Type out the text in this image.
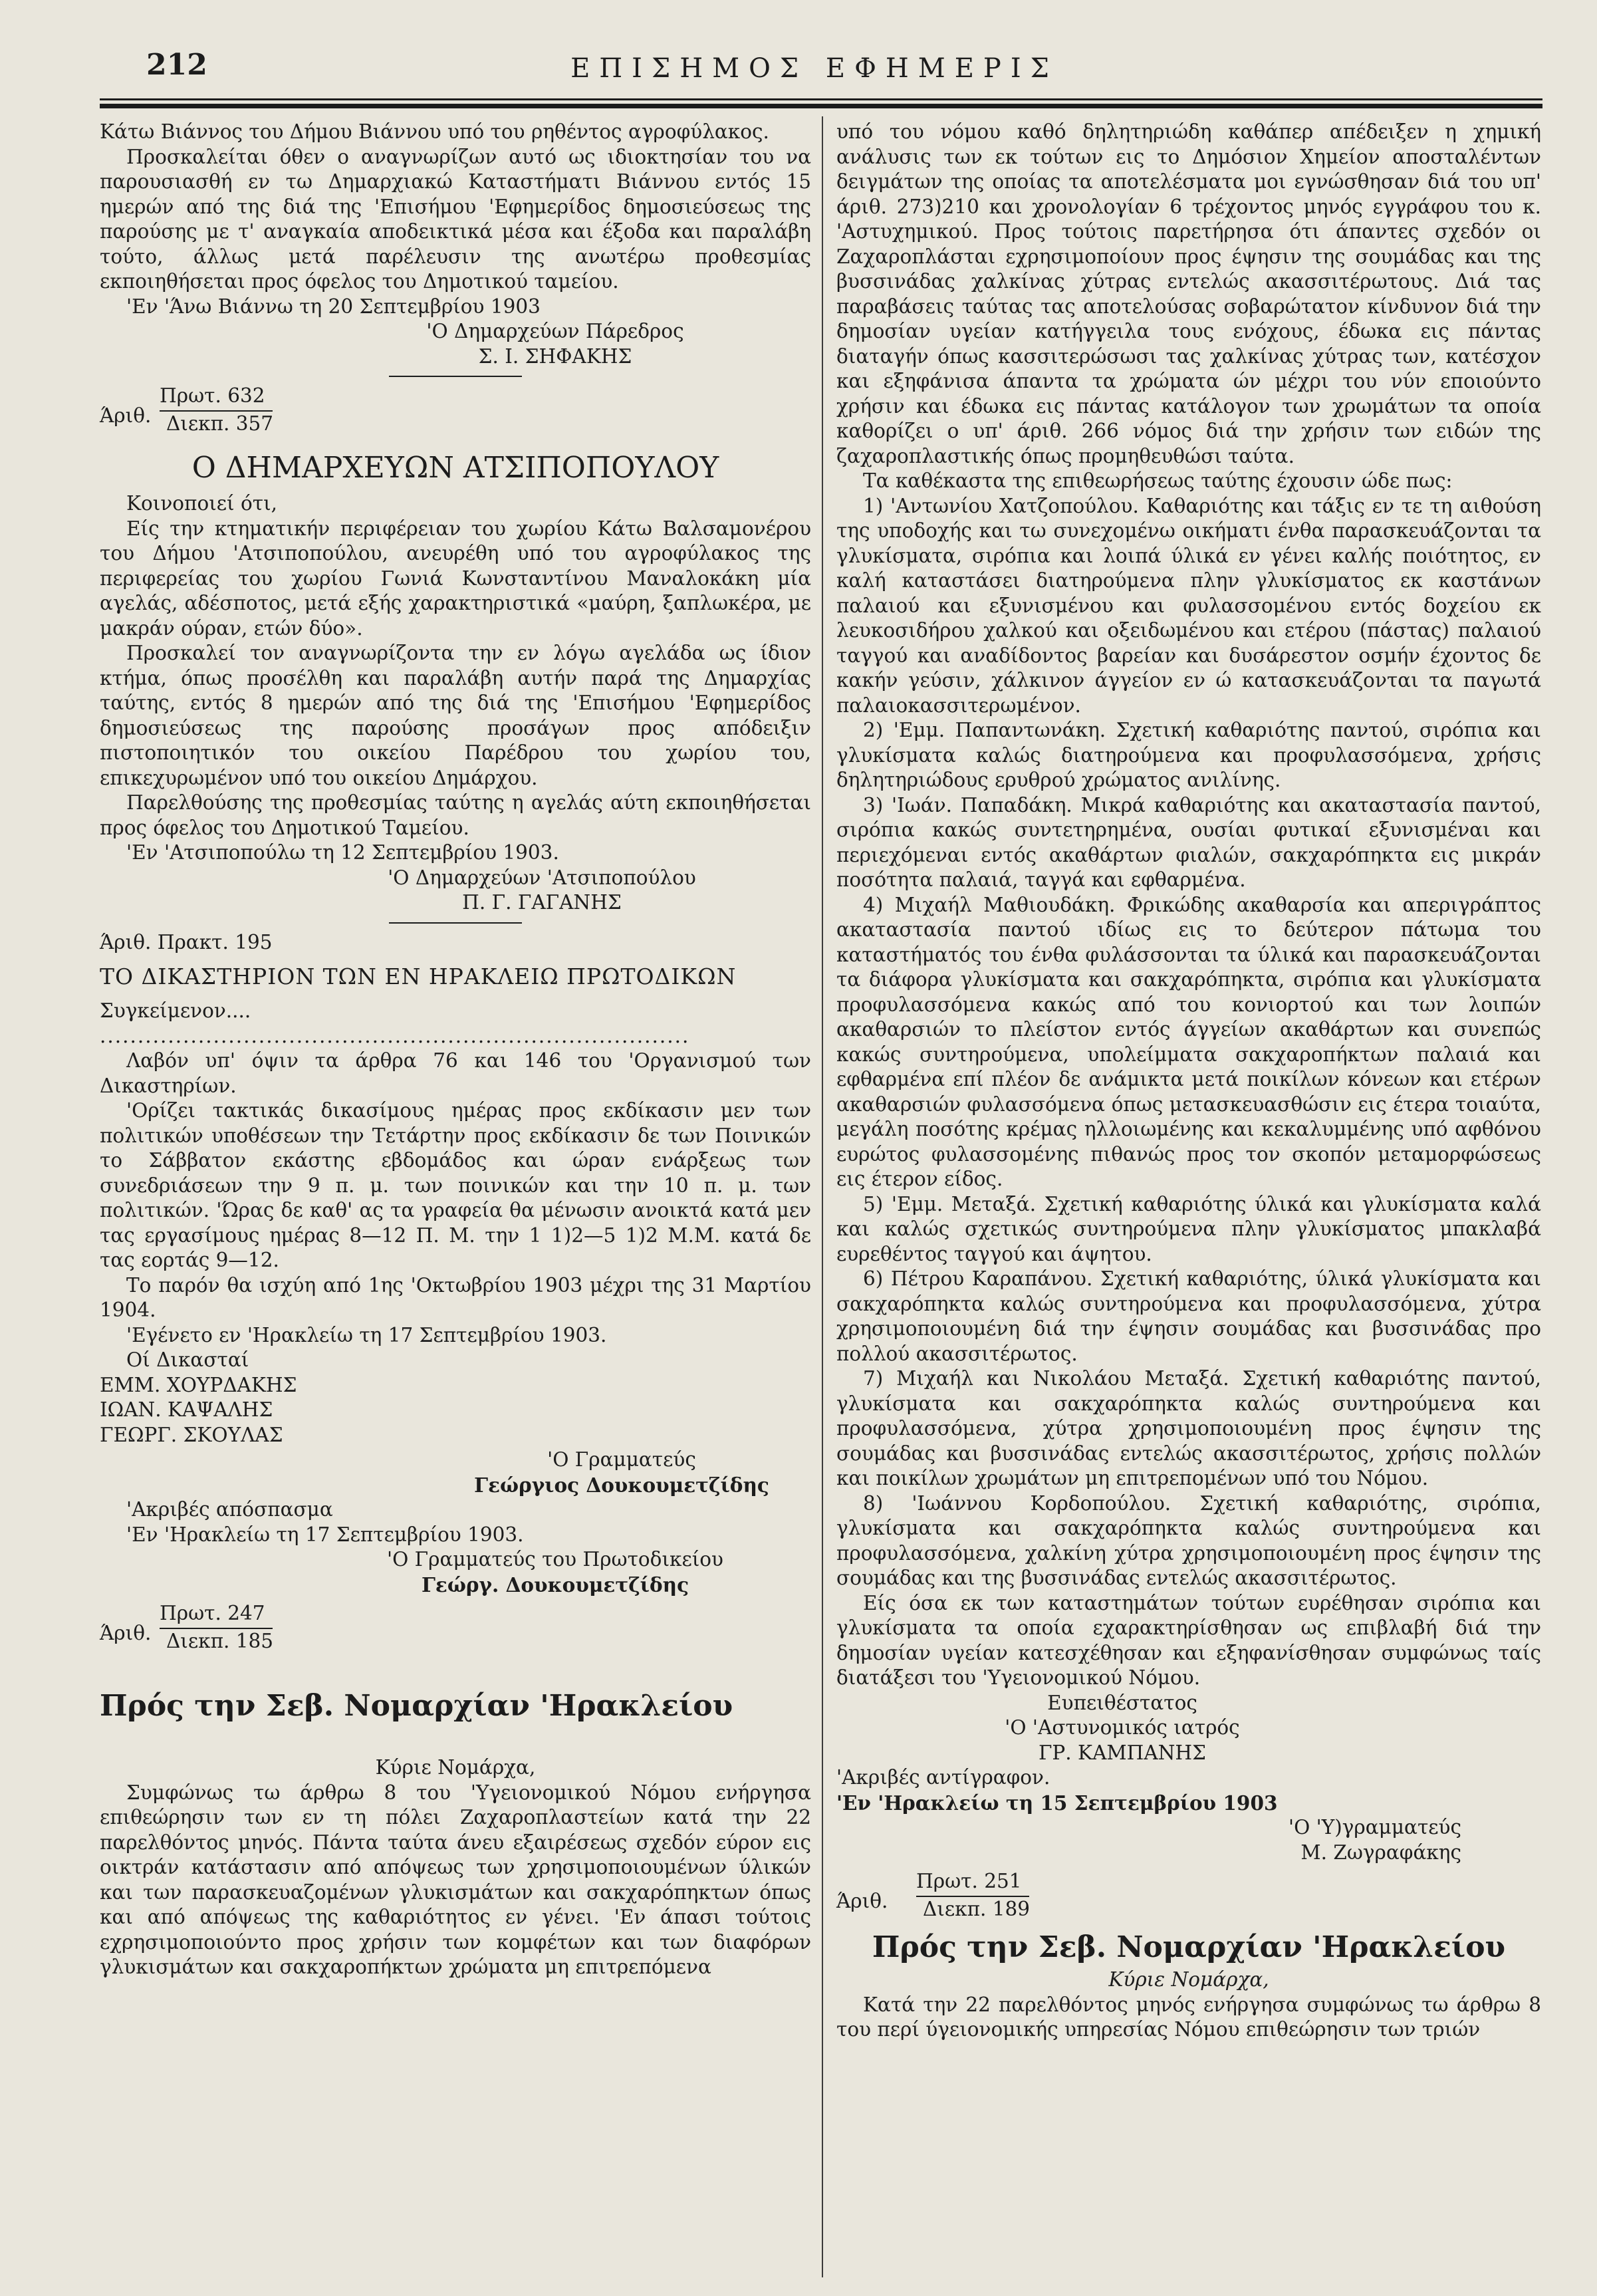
212	ΕΠΙΣΗΜΟΣ ΕΦΗΜΕΡΙΣ

Κάτω Βιάννος του Δήμου Βιάννου υπό του ρηθέντος αγροφύλακος.

Προσκαλείται όθεν ο αναγνωρίζων αυτό ως ιδιοκτησίαν του να παρουσιασθή εν τω Δημαρχιακώ Καταστήματι Βιάννου εντός 15 ημερών από της διά της 'Επισήμου 'Εφημερίδος δημοσιεύσεως της παρούσης με τ' αναγκαία αποδεικτικά μέσα και έξοδα και παραλάβη τούτο, άλλως μετά παρέλευσιν της ανωτέρω προθεσμίας εκποιηθήσεται προς όφελος του Δημοτικού ταμείου.

'Εν 'Άνω Βιάννω τη 20 Σεπτεμβρίου 1903

'Ο Δημαρχεύων Πάρεδρος

Σ. Ι. ΣΗΦΑΚΗΣ

Άριθ.
Πρωτ. 632
Διεκπ. 357

Ο ΔΗΜΑΡΧΕΥΩΝ ΑΤΣΙΠΟΠΟΥΛΟΥ

Κοινοποιεί ότι,

Είς την κτηματικήν περιφέρειαν του χωρίου Κάτω Βαλσαμονέρου του Δήμου 'Ατσιποπούλου, ανευρέθη υπό του αγροφύλακος της περιφερείας του χωρίου Γωνιά Κωνσταντίνου Μαναλοκάκη μία αγελάς, αδέσποτος, μετά εξής χαρακτηριστικά «μαύρη, ξαπλωκέρα, με μακράν ούραν, ετών δύο».

Προσκαλεί τον αναγνωρίζοντα την εν λόγω αγελάδα ως ίδιον κτήμα, όπως προσέλθη και παραλάβη αυτήν παρά της Δημαρχίας ταύτης, εντός 8 ημερών από της διά της 'Επισήμου 'Εφημερίδος δημοσιεύσεως της παρούσης προσάγων προς απόδειξιν πιστοποιητικόν του οικείου Παρέδρου του χωρίου του, επικεχυρωμένον υπό του οικείου Δημάρχου.

Παρελθούσης της προθεσμίας ταύτης η αγελάς αύτη εκποιηθήσεται προς όφελος του Δημοτικού Ταμείου.

'Εν 'Ατσιποπούλω τη 12 Σεπτεμβρίου 1903.

'Ο Δημαρχεύων 'Ατσιποπούλου

Π. Γ. ΓΑΓΑΝΗΣ

Άριθ. Πρακτ. 195

ΤΟ ΔΙΚΑΣΤΗΡΙΟΝ ΤΩΝ ΕΝ ΗΡΑΚΛΕΙΩ ΠΡΩΤΟΔΙΚΩΝ

Συγκείμενον....

..............................................................................

Λαβόν υπ' όψιν τα άρθρα 76 και 146 του 'Οργανισμού των Δικαστηρίων.

'Ορίζει τακτικάς δικασίμους ημέρας προς εκδίκασιν μεν των πολιτικών υποθέσεων την Τετάρτην προς εκδίκασιν δε των Ποινικών το Σάββατον εκάστης εβδομάδος και ώραν ενάρξεως των συνεδριάσεων την 9 π. μ. των ποινικών και την 10 π. μ. των πολιτικών. 'Ώρας δε καθ' ας τα γραφεία θα μένωσιν ανοικτά κατά μεν τας εργασίμους ημέρας 8—12 Π. Μ. την 1 1)2—5 1)2 Μ.Μ. κατά δε τας εορτάς 9—12.

Το παρόν θα ισχύη από 1ης 'Οκτωβρίου 1903 μέχρι της 31 Μαρτίου 1904.

'Εγένετο εν 'Ηρακλείω τη 17 Σεπτεμβρίου 1903.

Οί Δικασταί

ΕΜΜ. ΧΟΥΡΔΑΚΗΣ

ΙΩΑΝ. ΚΑΨΑΛΗΣ

ΓΕΩΡΓ. ΣΚΟΥΛΑΣ

'Ο Γραμματεύς

Γεώργιος Δουκουμετζίδης

'Ακριβές απόσπασμα

'Εν 'Ηρακλείω τη 17 Σεπτεμβρίου 1903.

'Ο Γραμματεύς του Πρωτοδικείου

Γεώργ. Δουκουμετζίδης

Άριθ.
Πρωτ. 247
Διεκπ. 185

Πρός την Σεβ. Νομαρχίαν 'Ηρακλείου

Κύριε Νομάρχα,

Συμφώνως τω άρθρω 8 του 'Υγειονομικού Νόμου ενήργησα επιθεώρησιν των εν τη πόλει Ζαχαροπλαστείων κατά την 22 παρελθόντος μηνός. Πάντα ταύτα άνευ εξαιρέσεως σχεδόν εύρον εις οικτράν κατάστασιν από απόψεως των χρησιμοποιουμένων ύλικών και των παρασκευαζομένων γλυκισμάτων και σακχαρόπηκτων όπως και από απόψεως της καθαριότητος εν γένει. 'Εν άπασι τούτοις εχρησιμοποιούντο προς χρήσιν των κομφέτων και των διαφόρων γλυκισμάτων και σακχαροπήκτων χρώματα μη επιτρεπόμενα

υπό του νόμου καθό δηλητηριώδη καθάπερ απέδειξεν η χημική ανάλυσις των εκ τούτων εις το Δημόσιον Χημείον αποσταλέντων δειγμάτων της οποίας τα αποτελέσματα μοι εγνώσθησαν διά του υπ' άριθ. 273)210 και χρονολογίαν 6 τρέχοντος μηνός εγγράφου του κ. 'Αστυχημικού. Προς τούτοις παρετήρησα ότι άπαντες σχεδόν οι Ζαχαροπλάσται εχρησιμοποίουν προς έψησιν της σουμάδας και της βυσσινάδας χαλκίνας χύτρας εντελώς ακασσιτέρωτους. Διά τας παραβάσεις ταύτας τας αποτελούσας σοβαρώτατον κίνδυνον διά την δημοσίαν υγείαν κατήγγειλα τους ενόχους, έδωκα εις πάντας διαταγήν όπως κασσιτερώσωσι τας χαλκίνας χύτρας των, κατέσχον και εξηφάνισα άπαντα τα χρώματα ών μέχρι του νύν εποιούντο χρήσιν και έδωκα εις πάντας κατάλογον των χρωμάτων τα οποία καθορίζει ο υπ' άριθ. 266 νόμος διά την χρήσιν των ειδών της ζαχαροπλαστικής όπως προμηθευθώσι ταύτα.

Τα καθέκαστα της επιθεωρήσεως ταύτης έχουσιν ώδε πως:

1) 'Αντωνίου Χατζοπούλου. Καθαριότης και τάξις εν τε τη αιθούση της υποδοχής και τω συνεχομένω οικήματι ένθα παρασκευάζονται τα γλυκίσματα, σιρόπια και λοιπά ύλικά εν γένει καλής ποιότητος, εν καλή καταστάσει διατηρούμενα πλην γλυκίσματος εκ καστάνων παλαιού και εξυνισμένου και φυλασσομένου εντός δοχείου εκ λευκοσιδήρου χαλκού και οξειδωμένου και ετέρου (πάστας) παλαιού ταγγού και αναδίδοντος βαρείαν και δυσάρεστον οσμήν έχοντος δε κακήν γεύσιν, χάλκινον άγγείον εν ώ κατασκευάζονται τα παγωτά παλαιοκασσιτερωμένον.

2) 'Εμμ. Παπαντωνάκη. Σχετική καθαριότης παντού, σιρόπια και γλυκίσματα καλώς διατηρούμενα και προφυλασσόμενα, χρήσις δηλητηριώδους ερυθρού χρώματος ανιλίνης.

3) 'Ιωάν. Παπαδάκη. Μικρά καθαριότης και ακαταστασία παντού, σιρόπια κακώς συντετηρημένα, ουσίαι φυτικαί εξυνισμέναι και περιεχόμεναι εντός ακαθάρτων φιαλών, σακχαρόπηκτα εις μικράν ποσότητα παλαιά, ταγγά και εφθαρμένα.

4) Μιχαήλ Μαθιουδάκη. Φρικώδης ακαθαρσία και απεριγράπτος ακαταστασία παντού ιδίως εις το δεύτερον πάτωμα του καταστήματός του ένθα φυλάσσονται τα ύλικά και παρασκευάζονται τα διάφορα γλυκίσματα και σακχαρόπηκτα, σιρόπια και γλυκίσματα προφυλασσόμενα κακώς από του κονιορτού και των λοιπών ακαθαρσιών το πλείστον εντός άγγείων ακαθάρτων και συνεπώς κακώς συντηρούμενα, υπολείμματα σακχαροπήκτων παλαιά και εφθαρμένα επί πλέον δε ανάμικτα μετά ποικίλων κόνεων και ετέρων ακαθαρσιών φυλασσόμενα όπως μετασκευασθώσιν εις έτερα τοιαύτα, μεγάλη ποσότης κρέμας ηλλοιωμένης και κεκαλυμμένης υπό αφθόνου ευρώτος φυλασσομένης πιθανώς προς τον σκοπόν μεταμορφώσεως εις έτερον είδος.

5) 'Εμμ. Μεταξά. Σχετική καθαριότης ύλικά και γλυκίσματα καλά και καλώς σχετικώς συντηρούμενα πλην γλυκίσματος μπακλαβά ευρεθέντος ταγγού και άψητου.

6) Πέτρου Καραπάνου. Σχετική καθαριότης, ύλικά γλυκίσματα και σακχαρόπηκτα καλώς συντηρούμενα και προφυλασσόμενα, χύτρα χρησιμοποιουμένη διά την έψησιν σουμάδας και βυσσινάδας προ πολλού ακασσιτέρωτος.

7) Μιχαήλ και Νικολάου Μεταξά. Σχετική καθαριότης παντού, γλυκίσματα και σακχαρόπηκτα καλώς συντηρούμενα και προφυλασσόμενα, χύτρα χρησιμοποιουμένη προς έψησιν της σουμάδας και βυσσινάδας εντελώς ακασσιτέρωτος, χρήσις πολλών και ποικίλων χρωμάτων μη επιτρεπομένων υπό του Νόμου.

8) 'Ιωάννου Κορδοπούλου. Σχετική καθαριότης, σιρόπια, γλυκίσματα και σακχαρόπηκτα καλώς συντηρούμενα και προφυλασσόμενα, χαλκίνη χύτρα χρησιμοποιουμένη προς έψησιν της σουμάδας και της βυσσινάδας εντελώς ακασσιτέρωτος.

Είς όσα εκ των καταστημάτων τούτων ευρέθησαν σιρόπια και γλυκίσματα τα οποία εχαρακτηρίσθησαν ως επιβλαβή διά την δημοσίαν υγείαν κατεσχέθησαν και εξηφανίσθησαν συμφώνως ταίς διατάξεσι του 'Υγειονομικού Νόμου.

Ευπειθέστατος

'Ο 'Αστυνομικός ιατρός

ΓΡ. ΚΑΜΠΑΝΗΣ

'Ακριβές αντίγραφον.

'Εν 'Ηρακλείω τη 15 Σεπτεμβρίου 1903

'Ο 'Υ)γραμματεύς

Μ. Ζωγραφάκης

Άριθ.
Πρωτ. 251
Διεκπ. 189

Πρός την Σεβ. Νομαρχίαν 'Ηρακλείου

Κύριε Νομάρχα,

Κατά την 22 παρελθόντος μηνός ενήργησα συμφώνως τω άρθρω 8 του περί ύγειονομικής υπηρεσίας Νόμου επιθεώρησιν των τριών
